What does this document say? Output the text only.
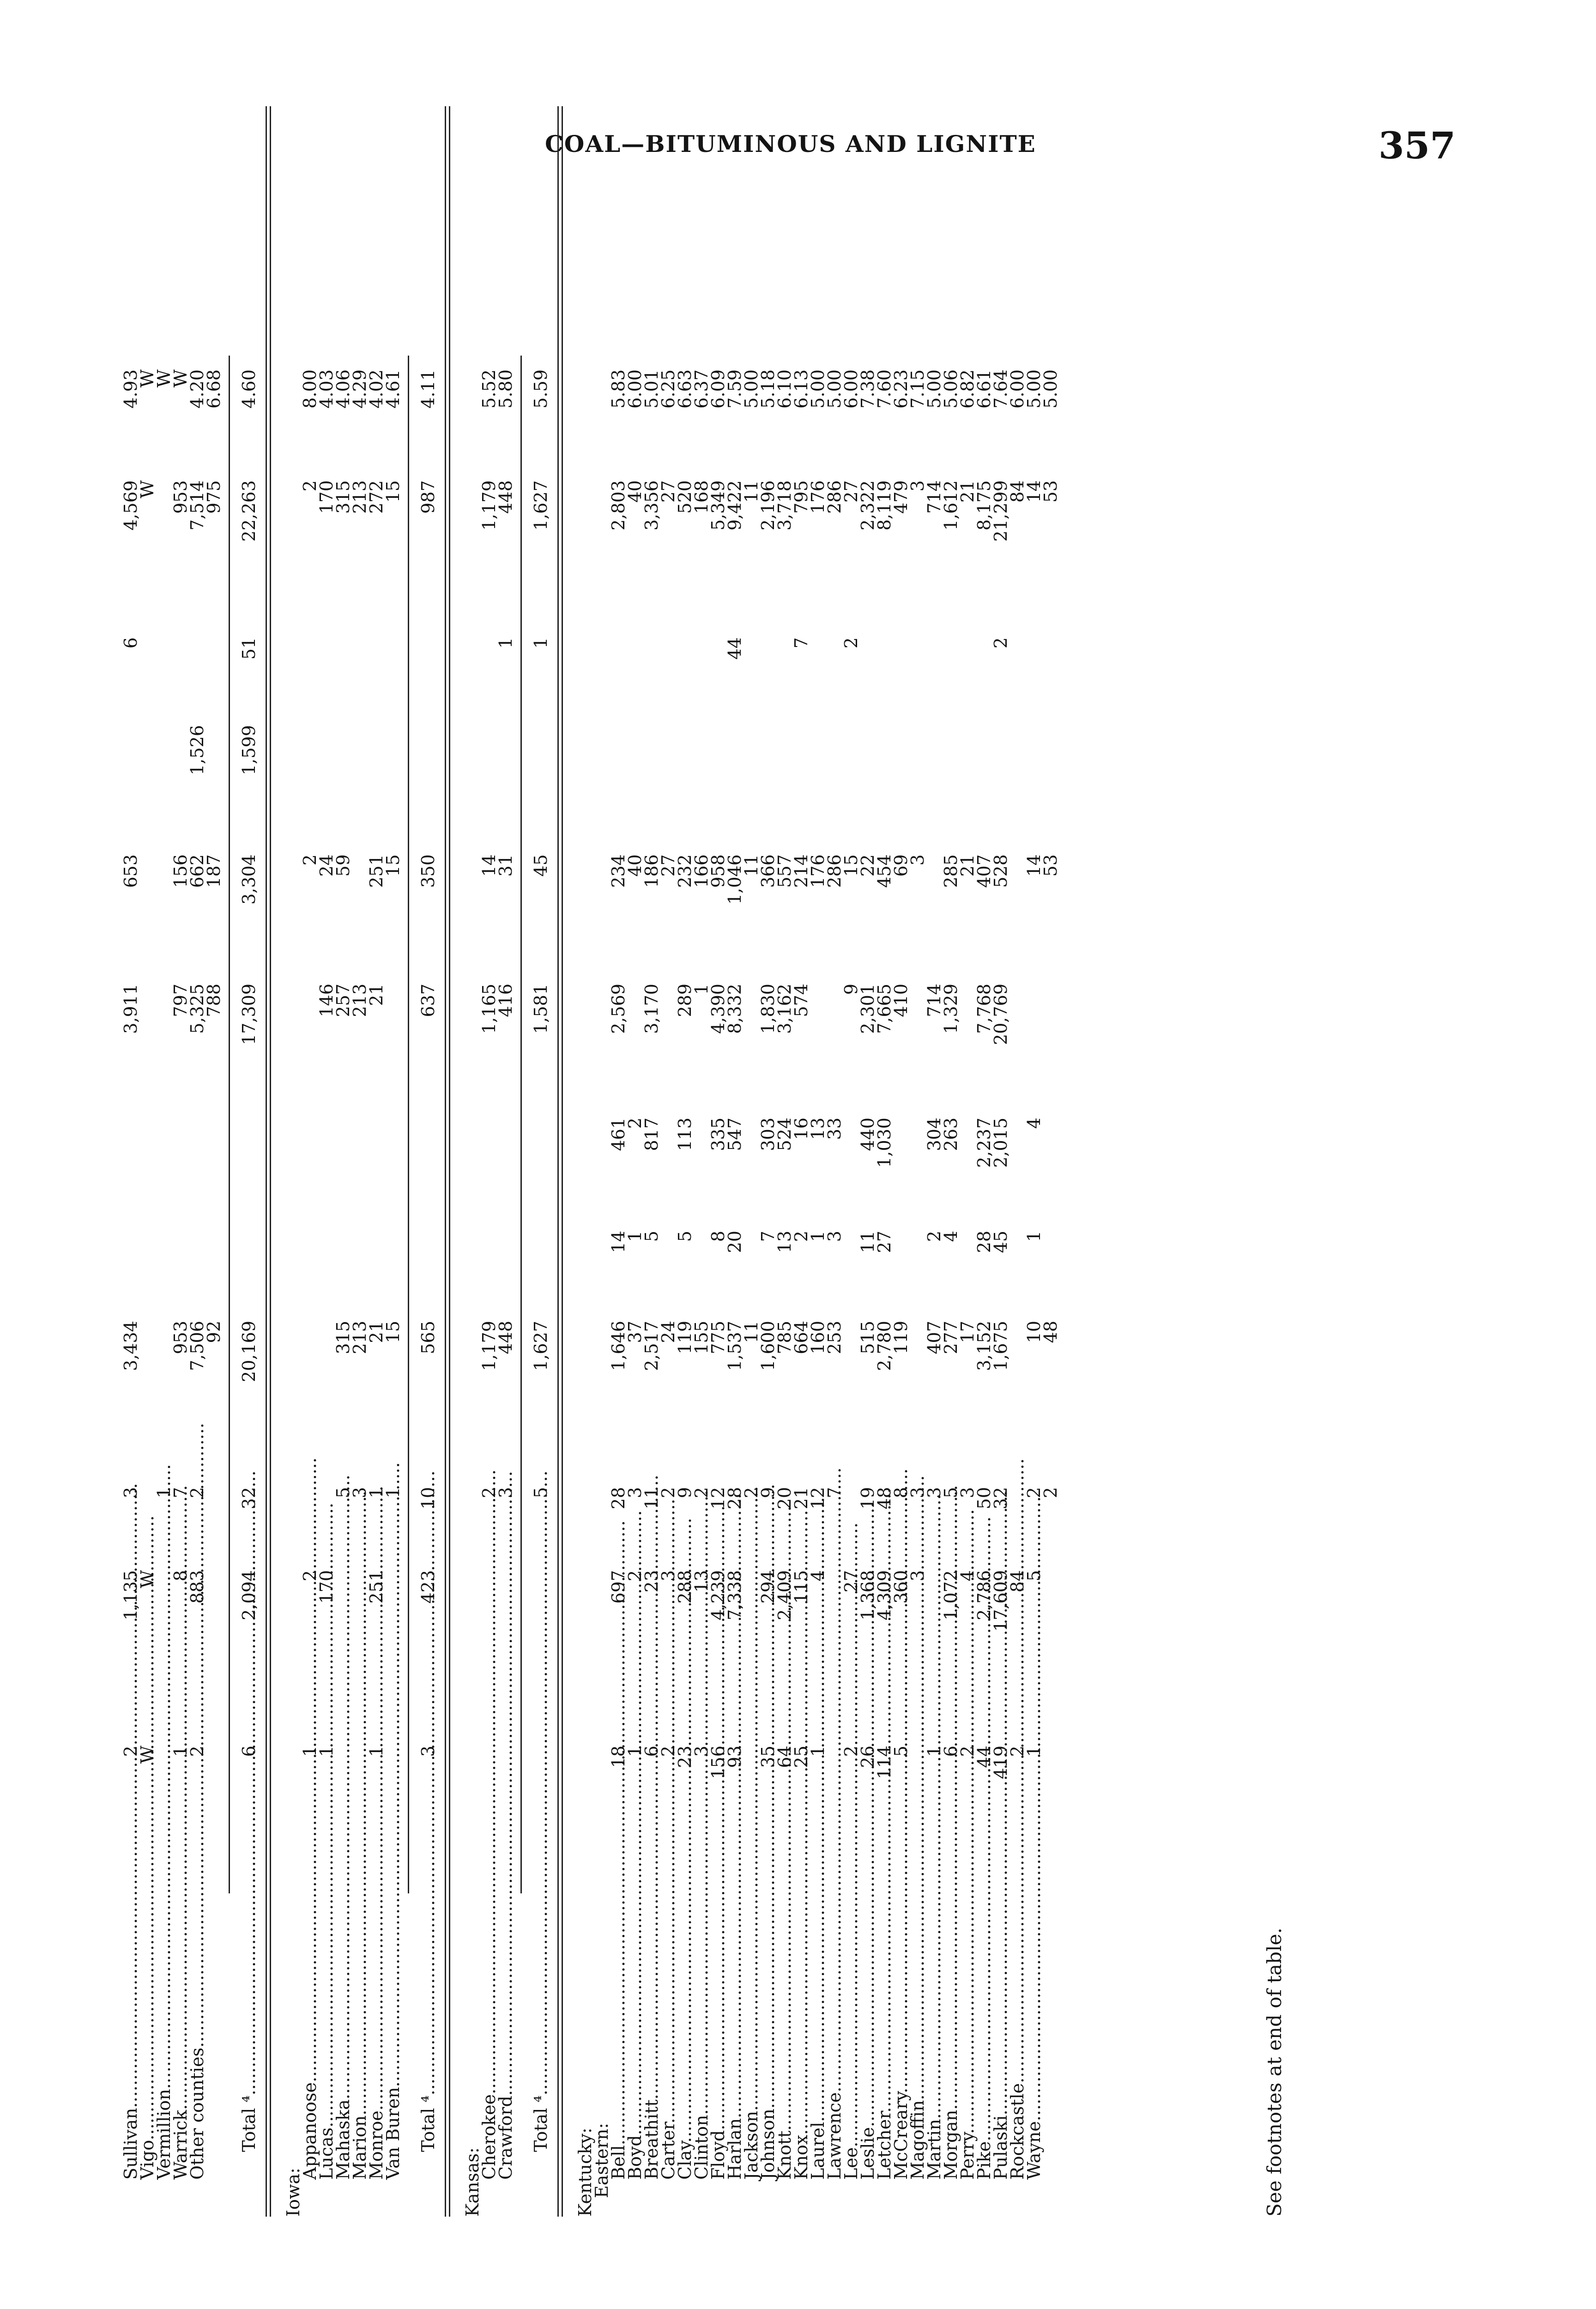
COAL—BITUMINOUS AND LIGNITE	357
Sullivan .....
2
1,135
3
3,434
3,911
653
6
4,569
4.93
Vigo .....
W
W
W
W
Vermillion .....
1
W
Warrick .....
1
8
7
953
797
156
953
W
Other counties .....
2
883
2
7,506
5,325
662
1,526
7,514
4.20
92
788
187
975
6.68
Total ⁴ .....
6
2,094
32
20,169
17,309
3,304
1,599
51
22,263
4.60
Iowa:
Appanoose .....
1
2
2
2
8.00
Lucas .....
1
170
146
24
170
4.03
Mahaska .....
5
315
257
59
315
4.06
Marion .....
3
213
213
213
4.29
Monroe .....
1
251
1
21
21
251
272
4.02
Van Buren .....
1
15
15
15
4.61
Total ⁴ .....
3
423
10
565
637
350
987
4.11
Kansas:
Cherokee .....
2
1,179
1,165
14
1,179
5.52
Crawford .....
3
448
416
31
1
448
5.80
Total ⁴ .....
5
1,627
1,581
45
1
1,627
5.59
Kentucky:
Eastern:
Bell .....
18
697
28
1,646
14
461
2,569
234
2,803
5.83
Boyd .....
1
2
3
37
1
2
40
40
6.00
Breathitt .....
6
23
11
2,517
5
817
3,170
186
3,356
5.01
Carter .....
2
3
2
24
27
27
6.25
Clay .....
23
288
9
119
5
113
289
232
520
6.63
Clinton .....
3
13
2
155
1
166
168
6.37
Floyd .....
156
4,239
12
775
8
335
4,390
958
5,349
6.09
Harlan .....
93
7,338
28
1,537
20
547
8,332
1,046
44
9,422
7.59
Jackson .....
2
11
11
11
5.00
Johnson .....
35
294
9
1,600
7
303
1,830
366
2,196
5.18
Knott .....
64
2,409
20
785
13
524
3,162
557
3,718
6.10
Knox .....
25
115
21
664
2
16
574
214
7
795
6.13
Laurel .....
1
4
12
160
1
13
176
176
5.00
Lawrence .....
7
253
3
33
286
286
5.00
Lee .....
2
27
9
15
2
27
6.00
Leslie .....
26
1,368
19
515
11
440
2,301
22
2,322
7.38
Letcher .....
114
4,309
48
2,780
27
1,030
7,665
454
8,119
7.60
McCreary .....
5
360
8
119
410
69
479
6.23
Magoffin .....
3
3
3
3
7.15
Martin .....
1
3
407
2
304
714
714
5.00
Morgan .....
6
1,072
5
277
4
263
1,329
285
1,612
5.06
Perry .....
2
4
3
17
21
21
6.82
Pike .....
44
2,786
50
3,152
28
2,237
7,768
407
8,175
6.61
Pulaski .....
419
17,609
32
1,675
45
2,015
20,769
528
2
21,299
7.64
Rockcastle .....
2
84
84
6.00
Wayne .....
1
5
2
10
1
4
14
14
5.00
2
48
53
53
5.00
See footnotes at end of table.
